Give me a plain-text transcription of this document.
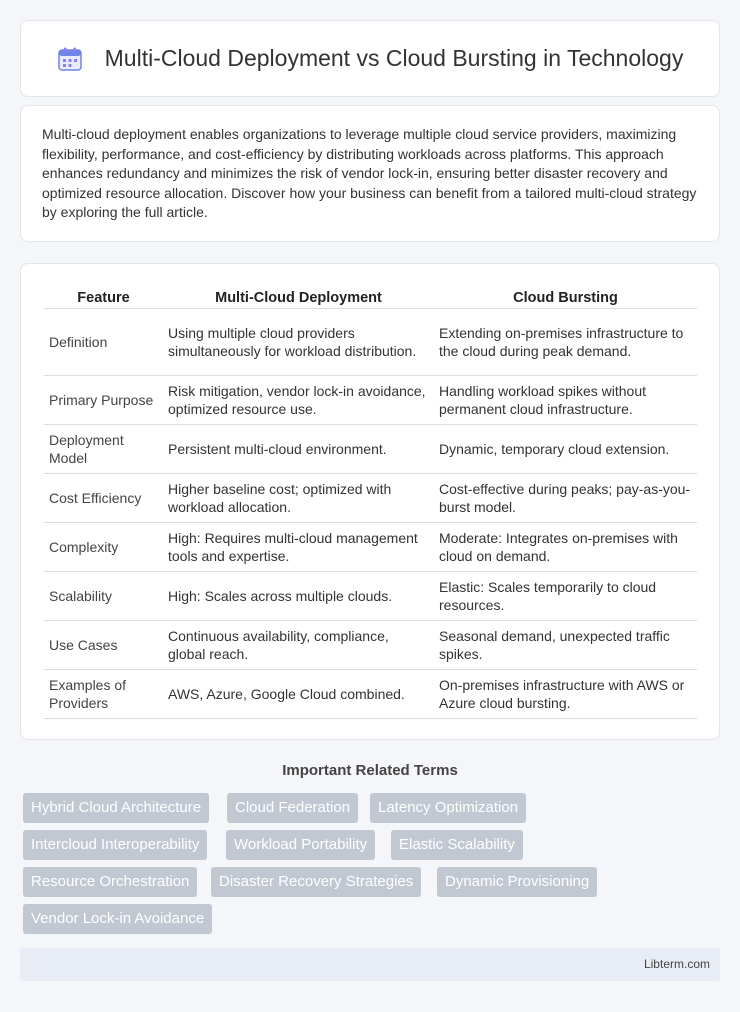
Multi-Cloud Deployment vs Cloud Bursting in Technology

Multi-cloud deployment enables organizations to leverage multiple cloud service providers, maximizing flexibility, performance, and cost-efficiency by distributing workloads across platforms. This approach enhances redundancy and minimizes the risk of vendor lock-in, ensuring better disaster recovery and optimized resource allocation. Discover how your business can benefit from a tailored multi-cloud strategy by exploring the full article.

Feature	Multi-Cloud Deployment	Cloud Bursting
Definition	Using multiple cloud providers simultaneously for workload distribution.	Extending on-premises infrastructure to the cloud during peak demand.
Primary Purpose	Risk mitigation, vendor lock-in avoidance, optimized resource use.	Handling workload spikes without permanent cloud infrastructure.
Deployment Model	Persistent multi-cloud environment.	Dynamic, temporary cloud extension.
Cost Efficiency	Higher baseline cost; optimized with workload allocation.	Cost-effective during peaks; pay-as-you-burst model.
Complexity	High: Requires multi-cloud management tools and expertise.	Moderate: Integrates on-premises with cloud on demand.
Scalability	High: Scales across multiple clouds.	Elastic: Scales temporarily to cloud resources.
Use Cases	Continuous availability, compliance, global reach.	Seasonal demand, unexpected traffic spikes.
Examples of Providers	AWS, Azure, Google Cloud combined.	On-premises infrastructure with AWS or Azure cloud bursting.
Important Related Terms
Hybrid Cloud Architecture	Cloud Federation	Latency Optimization
Intercloud Interoperability	Workload Portability	Elastic Scalability
Resource Orchestration	Disaster Recovery Strategies	Dynamic Provisioning
Vendor Lock-in Avoidance
Libterm.com
